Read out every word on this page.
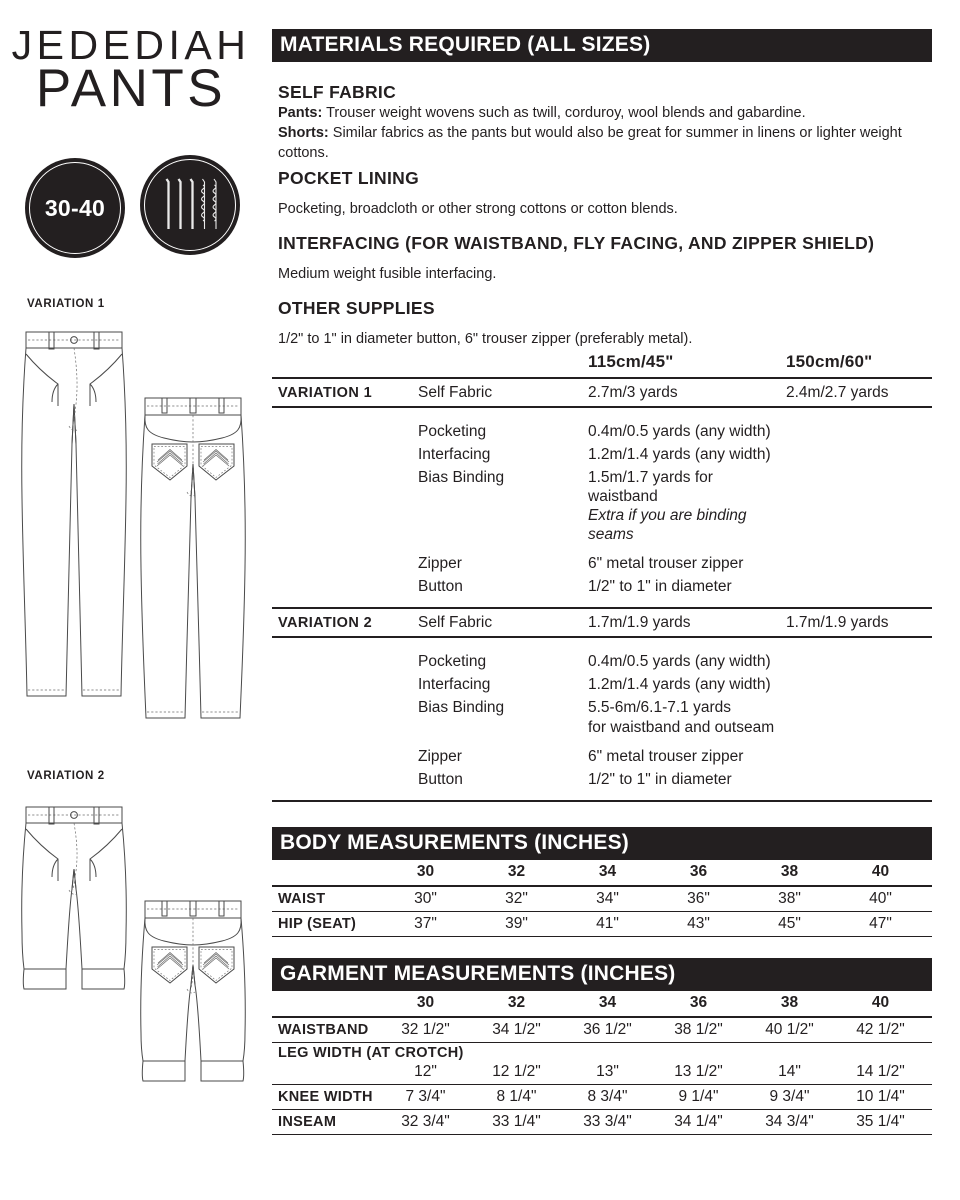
JEDEDIAH
PANTS
30-40
VARIATION 1
VARIATION 2
MATERIALS REQUIRED (ALL SIZES)
SELF FABRIC
Pants: Trouser weight wovens such as twill, corduroy, wool blends and gabardine.
Shorts: Similar fabrics as the pants but would also be great for summer in linens or lighter weight cottons.
POCKET LINING
Pocketing, broadcloth or other strong cottons or cotton blends.
INTERFACING (FOR WAISTBAND, FLY FACING, AND ZIPPER SHIELD)
Medium weight fusible interfacing.
OTHER SUPPLIES
1/2" to 1" in diameter button, 6" trouser zipper (preferably metal).
115cm/45"	150cm/60"
VARIATION 1	Self Fabric	2.7m/3 yards	2.4m/2.7 yards
Pocketing	0.4m/0.5 yards (any width)
Interfacing	1.2m/1.4 yards (any width)
Bias Binding	1.5m/1.7 yards for waistband
Extra if you are binding seams
Zipper	6" metal trouser zipper
Button	1/2" to 1" in diameter
VARIATION 2	Self Fabric	1.7m/1.9 yards	1.7m/1.9 yards
Pocketing	0.4m/0.5 yards (any width)
Interfacing	1.2m/1.4 yards (any width)
Bias Binding	5.5-6m/6.1-7.1 yards
for waistband and outseam
Zipper	6" metal trouser zipper
Button	1/2" to 1" in diameter
BODY MEASUREMENTS (INCHES)
30	32	34	36	38	40
WAIST	30"	32"	34"	36"	38"	40"
HIP (SEAT)	37"	39"	41"	43"	45"	47"
GARMENT MEASUREMENTS (INCHES)
30	32	34	36	38	40
WAISTBAND	32 1/2"	34 1/2"	36 1/2"	38 1/2"	40 1/2"	42 1/2"
LEG WIDTH (AT CROTCH)
12"	12 1/2"	13"	13 1/2"	14"	14 1/2"
KNEE WIDTH	7 3/4"	8 1/4"	8 3/4"	9 1/4"	9 3/4"	10 1/4"
INSEAM	32 3/4"	33 1/4"	33 3/4"	34 1/4"	34 3/4"	35 1/4"
